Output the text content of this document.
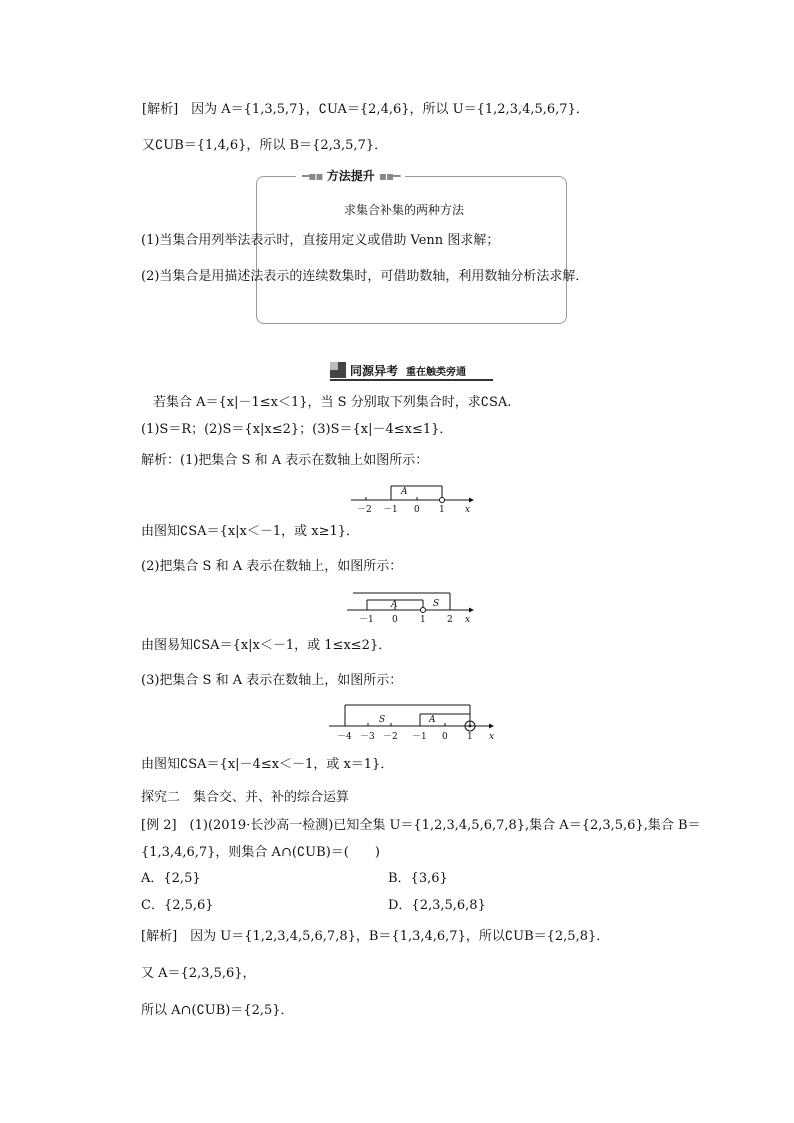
[解析]　因为 A＝{1,3,5,7}，∁UA＝{2,4,6}，所以 U＝{1,2,3,4,5,6,7}．
又∁UB＝{1,4,6}，所以 B＝{2,3,5,7}．
━▪▪ 方法提升 ▪▪━
求集合补集的两种方法
(1)当集合用列举法表示时，直接用定义或借助 Venn 图求解；
(2)当集合是用描述法表示的连续数集时，可借助数轴，利用数轴分析法求解．
同源异考 重在触类旁通
若集合 A＝{x|－1≤x＜1}，当 S 分别取下列集合时，求∁SA.
(1)S＝R；(2)S＝{x|x≤2}；(3)S＝{x|－4≤x≤1}．
解析：(1)把集合 S 和 A 表示在数轴上如图所示：
A
－2 －1 0 1 x
由图知∁SA＝{x|x＜－1，或 x≥1}．
(2)把集合 S 和 A 表示在数轴上，如图所示：
A	S
－1 0 1 2 x
由图易知∁SA＝{x|x＜－1，或 1≤x≤2}．
(3)把集合 S 和 A 表示在数轴上，如图所示：
S	A
－4 －3 －2 －1 0 1 x
由图知∁SA＝{x|－4≤x＜－1，或 x＝1}．
探究二　集合交、并、补的综合运算
[例 2]　(1)(2019·长沙高一检测)已知全集 U＝{1,2,3,4,5,6,7,8},集合 A＝{2,3,5,6},集合 B＝
{1,3,4,6,7}，则集合 A∩(∁UB)＝(　　)
A．{2,5}	B．{3,6}
C．{2,5,6}	D．{2,3,5,6,8}
[解析]　因为 U＝{1,2,3,4,5,6,7,8}，B＝{1,3,4,6,7}，所以∁UB＝{2,5,8}．
又 A＝{2,3,5,6}，
所以 A∩(∁UB)＝{2,5}．
